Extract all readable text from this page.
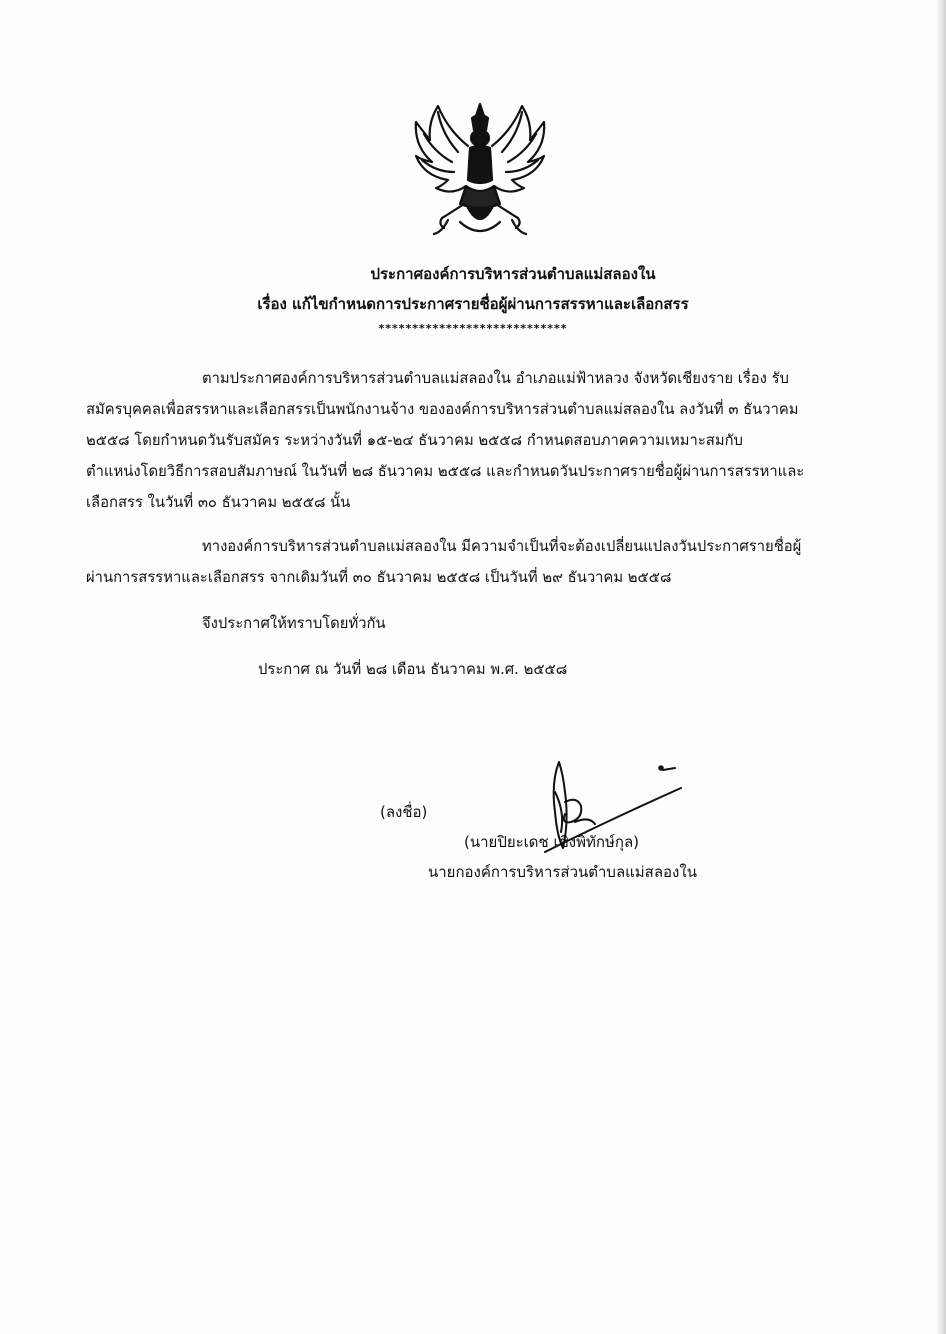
ประกาศองค์การบริหารส่วนตำบลแม่สลองใน
เรื่อง แก้ไขกำหนดการประกาศรายชื่อผู้ผ่านการสรรหาและเลือกสรร
****************************
ตามประกาศองค์การบริหารส่วนตำบลแม่สลองใน อำเภอแม่ฟ้าหลวง จังหวัดเชียงราย เรื่อง รับ
สมัครบุคคลเพื่อสรรหาและเลือกสรรเป็นพนักงานจ้าง ขององค์การบริหารส่วนตำบลแม่สลองใน ลงวันที่ ๓ ธันวาคม
๒๕๕๘ โดยกำหนดวันรับสมัคร ระหว่างวันที่ ๑๕-๒๔ ธันวาคม ๒๕๕๘ กำหนดสอบภาคความเหมาะสมกับ
ตำแหน่งโดยวิธีการสอบสัมภาษณ์ ในวันที่ ๒๘ ธันวาคม ๒๕๕๘ และกำหนดวันประกาศรายชื่อผู้ผ่านการสรรหาและ
เลือกสรร ในวันที่ ๓๐ ธันวาคม ๒๕๕๘ นั้น
ทางองค์การบริหารส่วนตำบลแม่สลองใน มีความจำเป็นที่จะต้องเปลี่ยนแปลงวันประกาศรายชื่อผู้
ผ่านการสรรหาและเลือกสรร จากเดิมวันที่ ๓๐ ธันวาคม ๒๕๕๘ เป็นวันที่ ๒๙ ธันวาคม ๒๕๕๘
จึงประกาศให้ทราบโดยทั่วกัน
ประกาศ ณ วันที่ ๒๘ เดือน ธันวาคม พ.ศ. ๒๕๕๘
(ลงชื่อ)
(นายปิยะเดช เชิงพิทักษ์กุล)
นายกองค์การบริหารส่วนตำบลแม่สลองใน
